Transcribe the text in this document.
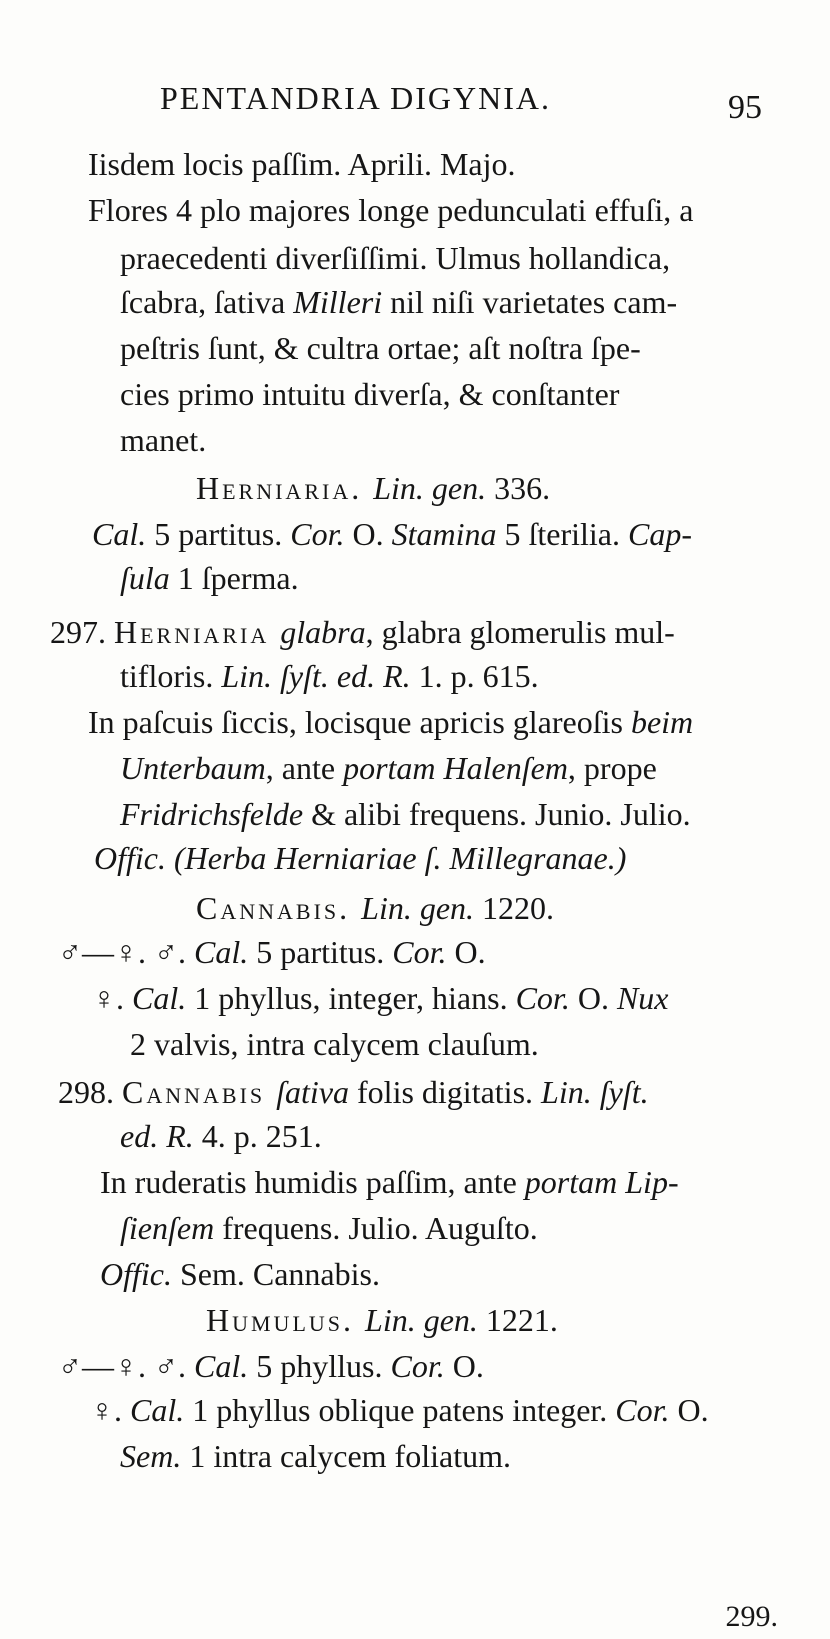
PENTANDRIA DIGYNIA.	95
Iisdem locis paſſim. Aprili. Majo.
Flores 4 plo majores longe pedunculati effuſi, a
praecedenti diverſiſſimi. Ulmus hollandica,
ſcabra, ſativa Milleri nil niſi varietates cam-
peſtris ſunt, & cultra ortae; aſt noſtra ſpe-
cies primo intuitu diverſa, & conſtanter
manet.
Herniaria. Lin. gen. 336.
Cal. 5 partitus. Cor. O. Stamina 5 ſterilia. Cap-
ſula 1 ſperma.
297. Herniaria glabra, glabra glomerulis mul-
tifloris. Lin. ſyſt. ed. R. 1. p. 615.
In paſcuis ſiccis, locisque apricis glareoſis beim
Unterbaum, ante portam Halenſem, prope
Fridrichsfelde & alibi frequens. Junio. Julio.
Offic. (Herba Herniariae ſ. Millegranae.)
Cannabis. Lin. gen. 1220.
♂—♀. ♂. Cal. 5 partitus. Cor. O.
♀. Cal. 1 phyllus, integer, hians. Cor. O. Nux
2 valvis, intra calycem clauſum.
298. Cannabis ſativa folis digitatis. Lin. ſyſt.
ed. R. 4. p. 251.
In ruderatis humidis paſſim, ante portam Lip-
ſienſem frequens. Julio. Auguſto.
Offic. Sem. Cannabis.
Humulus. Lin. gen. 1221.
♂—♀. ♂. Cal. 5 phyllus. Cor. O.
♀. Cal. 1 phyllus oblique patens integer. Cor. O.
Sem. 1 intra calycem foliatum.
299.
